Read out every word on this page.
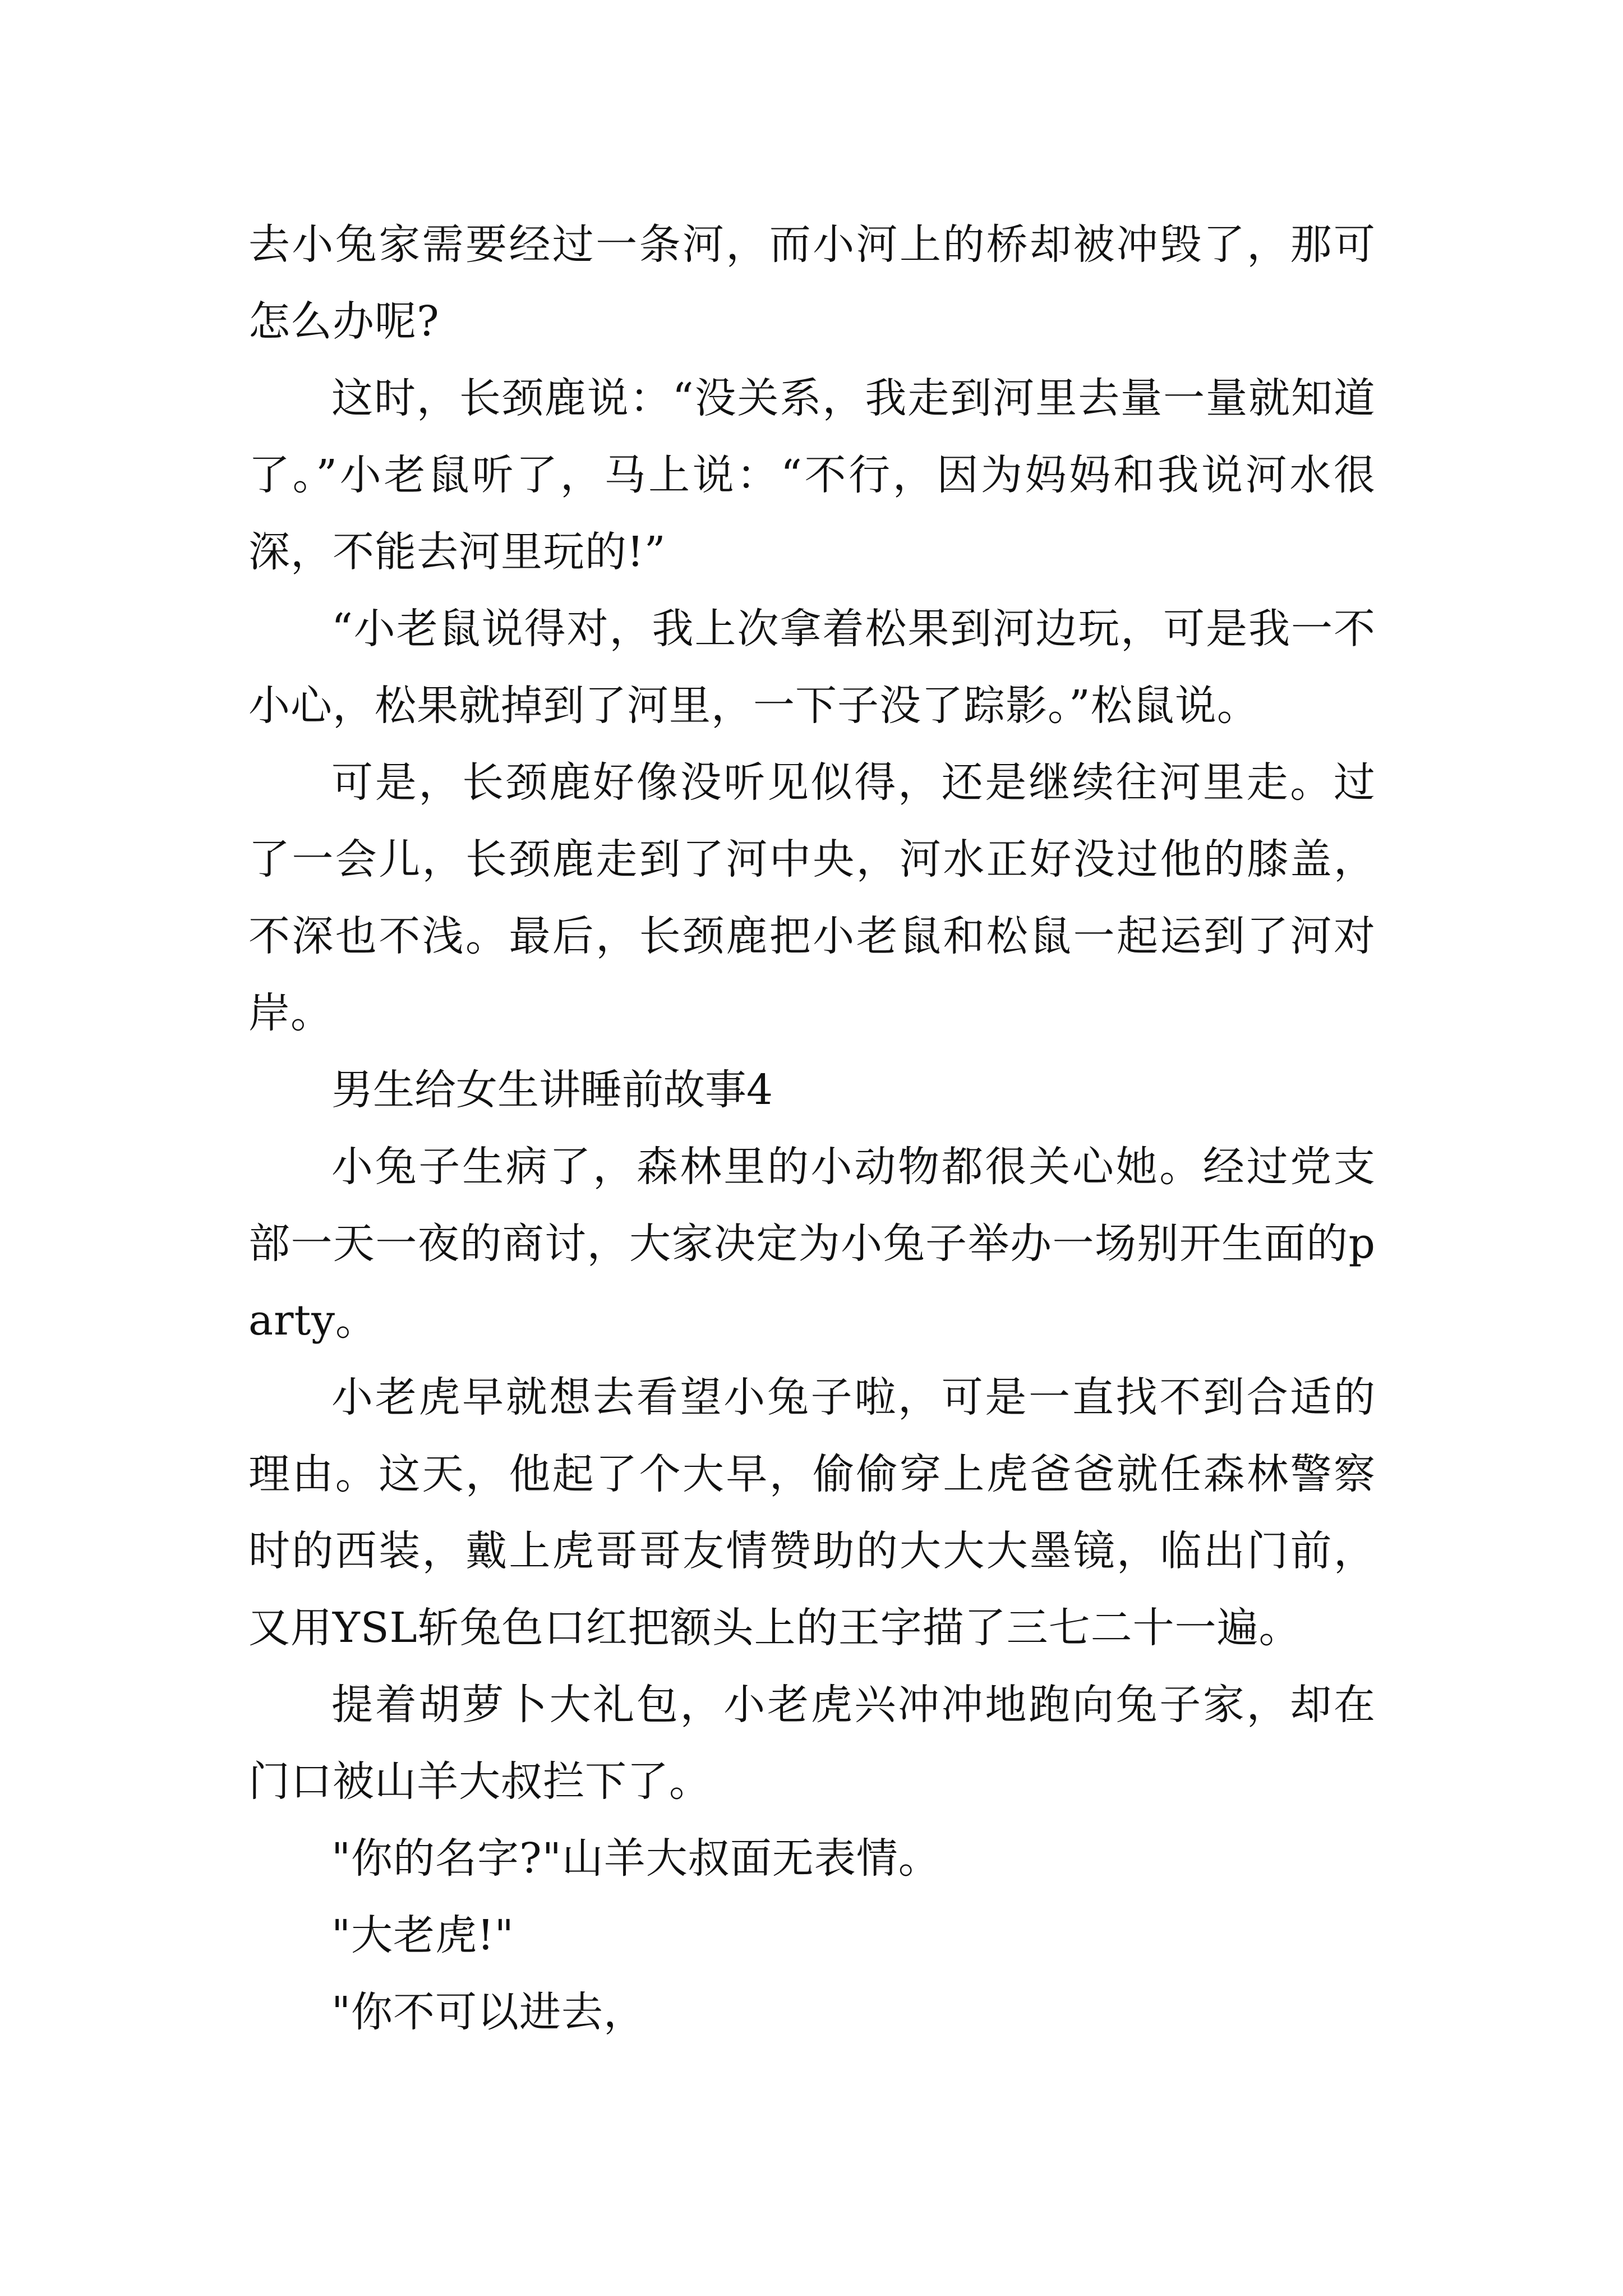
去小兔家需要经过一条河，而小河上的桥却被冲毁了，那可怎么办呢?

这时，长颈鹿说：“没关系，我走到河里去量一量就知道了。”小老鼠听了，马上说：“不行，因为妈妈和我说河水很深，不能去河里玩的!”

“小老鼠说得对，我上次拿着松果到河边玩，可是我一不小心，松果就掉到了河里，一下子没了踪影。”松鼠说。

可是，长颈鹿好像没听见似得，还是继续往河里走。过了一会儿，长颈鹿走到了河中央，河水正好没过他的膝盖，不深也不浅。最后，长颈鹿把小老鼠和松鼠一起运到了河对岸。

男生给女生讲睡前故事4

小兔子生病了，森林里的小动物都很关心她。经过党支部一天一夜的商讨，大家决定为小兔子举办一场别开生面的party。

小老虎早就想去看望小兔子啦，可是一直找不到合适的理由。这天，他起了个大早，偷偷穿上虎爸爸就任森林警察时的西装，戴上虎哥哥友情赞助的大大大墨镜，临出门前，又用YSL斩兔色口红把额头上的王字描了三七二十一遍。

提着胡萝卜大礼包，小老虎兴冲冲地跑向兔子家，却在门口被山羊大叔拦下了。

"你的名字?"山羊大叔面无表情。

"大老虎!"

"你不可以进去，
